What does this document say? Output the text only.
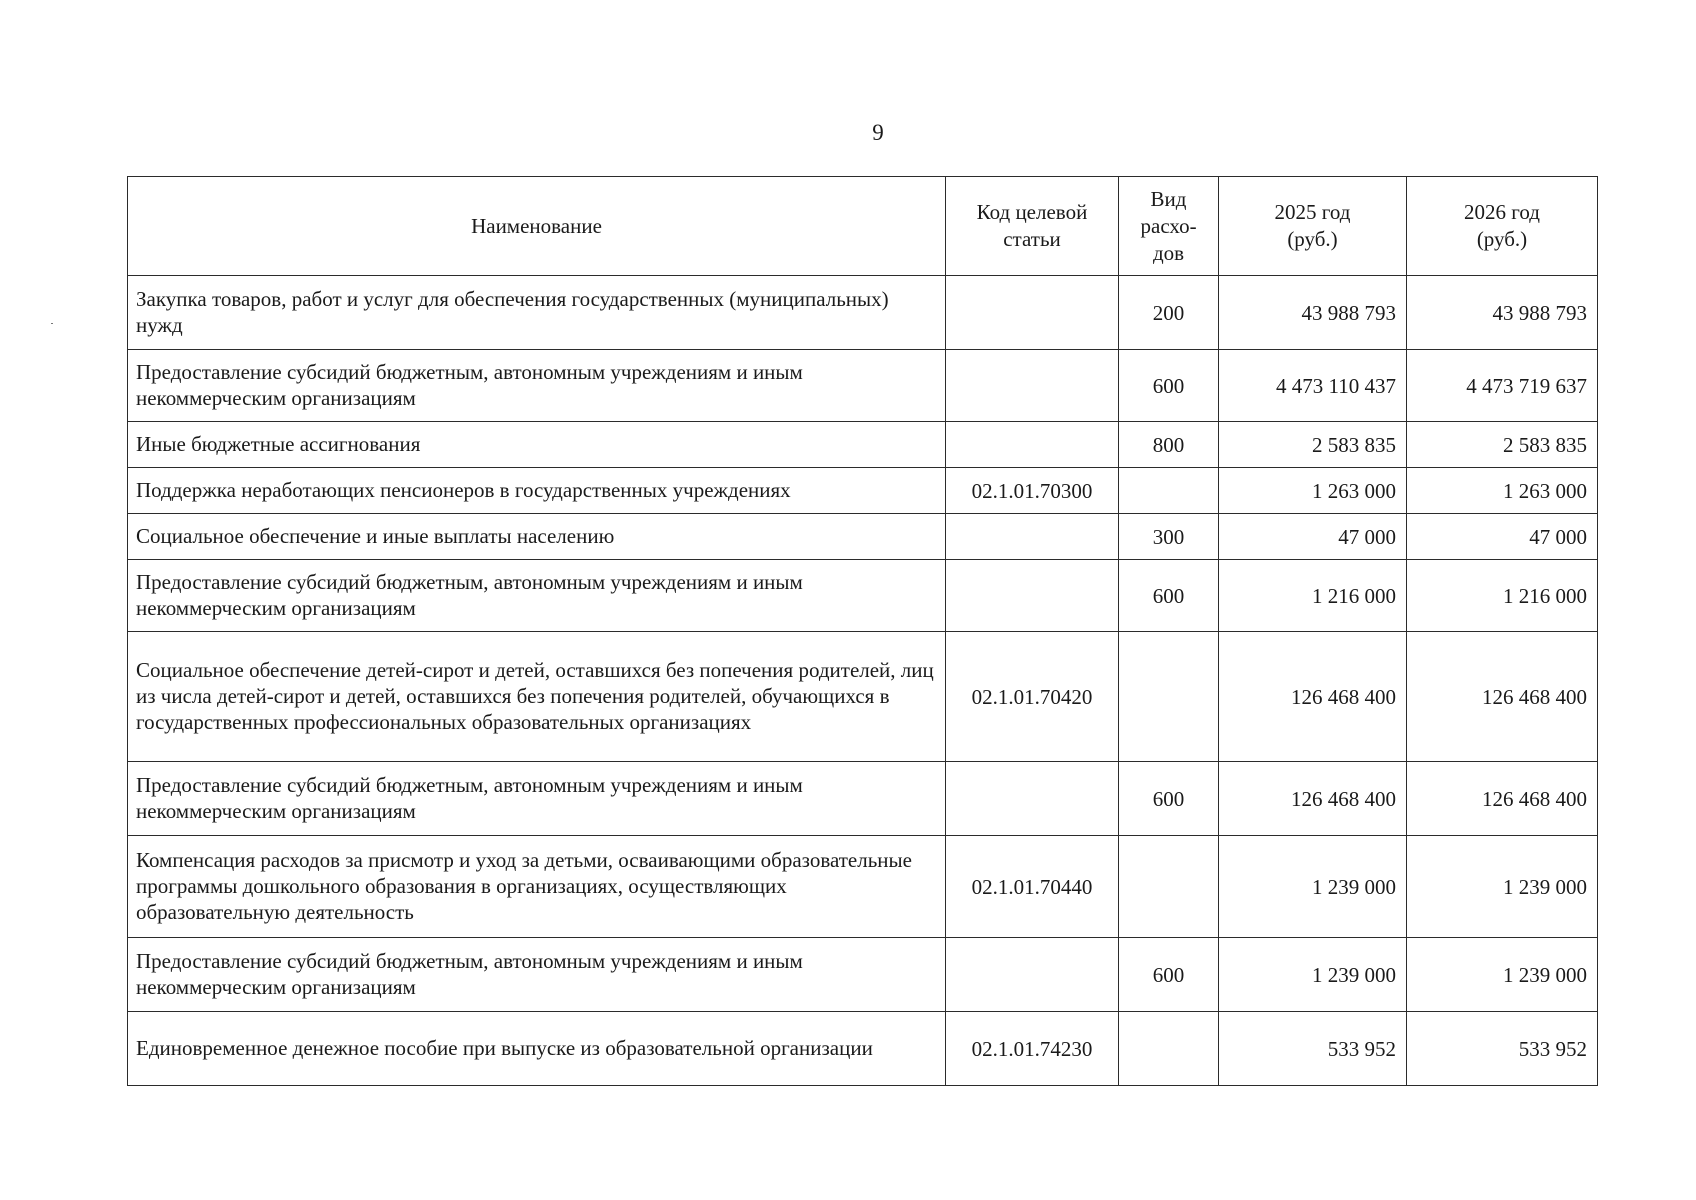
9
Наименование	Код целевой статьи	Вид расхо-дов	2025 год (руб.)	2026 год (руб.)
Закупка товаров, работ и услуг для обеспечения государственных (муниципальных) нужд		200	43 988 793	43 988 793
Предоставление субсидий бюджетным, автономным учреждениям и иным некоммерческим организациям		600	4 473 110 437	4 473 719 637
Иные бюджетные ассигнования		800	2 583 835	2 583 835
Поддержка неработающих пенсионеров в государственных учреждениях	02.1.01.70300		1 263 000	1 263 000
Социальное обеспечение и иные выплаты населению		300	47 000	47 000
Предоставление субсидий бюджетным, автономным учреждениям и иным некоммерческим организациям		600	1 216 000	1 216 000
Социальное обеспечение детей-сирот и детей, оставшихся без попечения родителей, лиц из числа детей-сирот и детей, оставшихся без попечения родителей, обучающихся в государственных профессиональных образовательных организациях	02.1.01.70420		126 468 400	126 468 400
Предоставление субсидий бюджетным, автономным учреждениям и иным некоммерческим организациям		600	126 468 400	126 468 400
Компенсация расходов за присмотр и уход за детьми, осваивающими образовательные программы дошкольного образования в организациях, осуществляющих образовательную деятельность	02.1.01.70440		1 239 000	1 239 000
Предоставление субсидий бюджетным, автономным учреждениям и иным некоммерческим организациям		600	1 239 000	1 239 000
Единовременное денежное пособие при выпуске из образовательной организации	02.1.01.74230		533 952	533 952
